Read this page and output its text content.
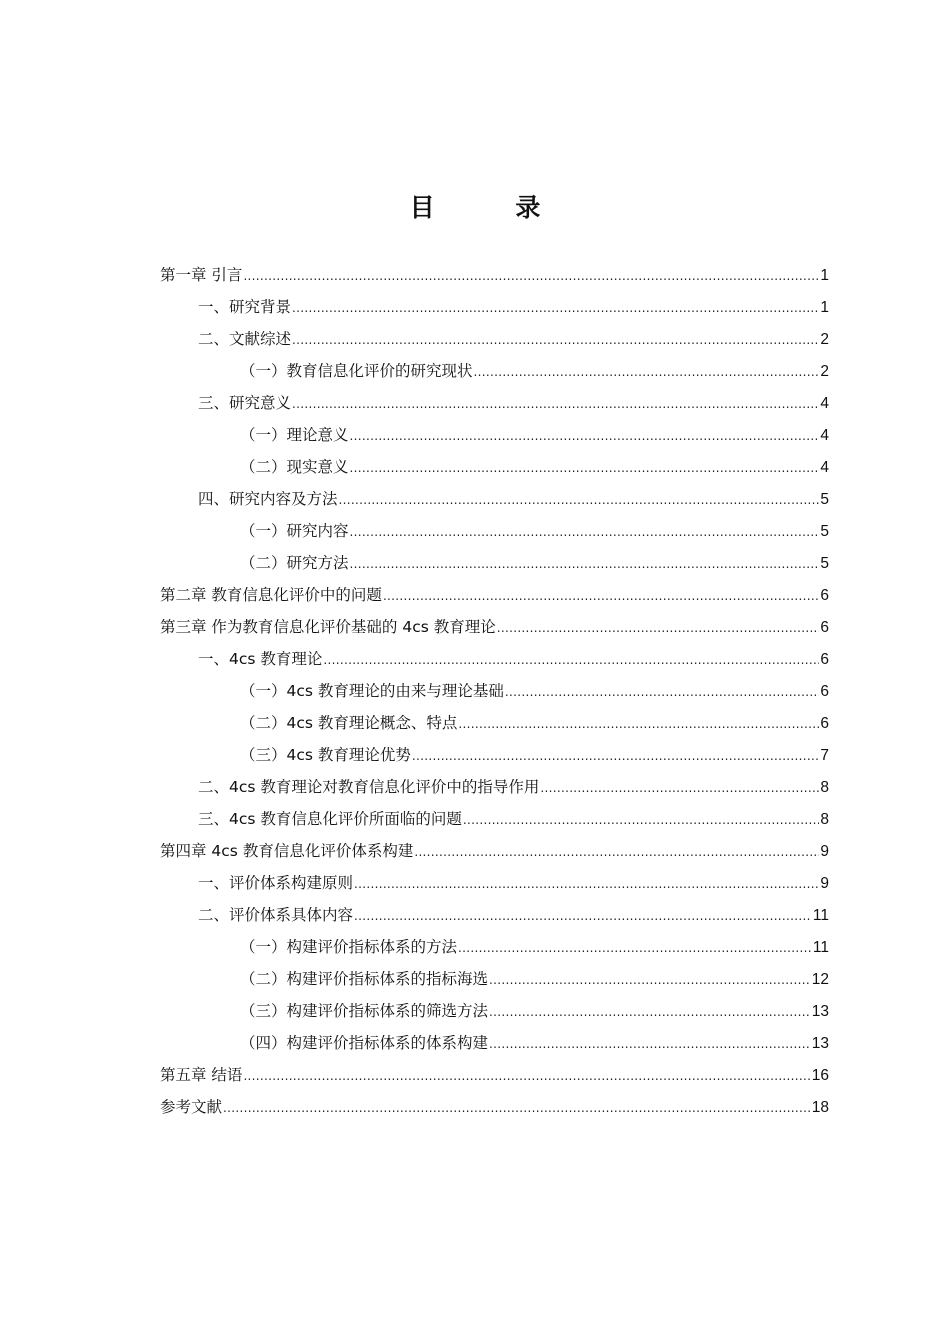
目 录
第一章 引言 .....	1
一、研究背景 .....	1
二、文献综述 .....	2
（一）教育信息化评价的研究现状 .....	2
三、研究意义 .....	4
（一）理论意义 .....	4
（二）现实意义 .....	4
四、研究内容及方法 .....	5
（一）研究内容 .....	5
（二）研究方法 .....	5
第二章 教育信息化评价中的问题 .....	6
第三章 作为教育信息化评价基础的 4cs 教育理论 .....	6
一、4cs 教育理论 .....	6
（一）4cs 教育理论的由来与理论基础 .....	6
（二）4cs 教育理论概念、特点 .....	6
（三）4cs 教育理论优势 .....	7
二、4cs 教育理论对教育信息化评价中的指导作用 .....	8
三、4cs 教育信息化评价所面临的问题 .....	8
第四章 4cs 教育信息化评价体系构建 .....	9
一、评价体系构建原则 .....	9
二、评价体系具体内容 .....	11
（一）构建评价指标体系的方法 .....	11
（二）构建评价指标体系的指标海选 .....	12
（三）构建评价指标体系的筛选方法 .....	13
（四）构建评价指标体系的体系构建 .....	13
第五章 结语 .....	16
参考文献 .....	18
